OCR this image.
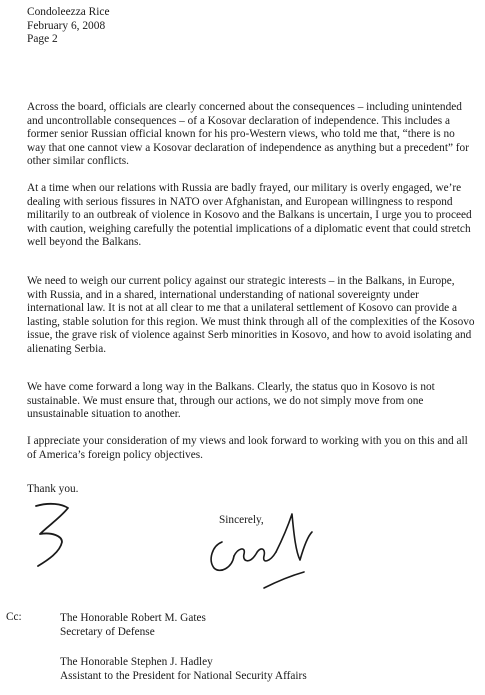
Condoleezza Rice
February 6, 2008
Page 2

Across the board, officials are clearly concerned about the consequences – including unintended and uncontrollable consequences – of a Kosovar declaration of independence. This includes a former senior Russian official known for his pro-Western views, who told me that, “there is no way that one cannot view a Kosovar declaration of independence as anything but a precedent” for other similar conflicts.

At a time when our relations with Russia are badly frayed, our military is overly engaged, we’re dealing with serious fissures in NATO over Afghanistan, and European willingness to respond militarily to an outbreak of violence in Kosovo and the Balkans is uncertain, I urge you to proceed with caution, weighing carefully the potential implications of a diplomatic event that could stretch well beyond the Balkans.

We need to weigh our current policy against our strategic interests – in the Balkans, in Europe, with Russia, and in a shared, international understanding of national sovereignty under international law. It is not at all clear to me that a unilateral settlement of Kosovo can provide a lasting, stable solution for this region. We must think through all of the complexities of the Kosovo issue, the grave risk of violence against Serb minorities in Kosovo, and how to avoid isolating and alienating Serbia.

We have come forward a long way in the Balkans. Clearly, the status quo in Kosovo is not sustainable. We must ensure that, through our actions, we do not simply move from one unsustainable situation to another.

I appreciate your consideration of my views and look forward to working with you on this and all of America’s foreign policy objectives.

Thank you.
Sincerely,
Cc:	The Honorable Robert M. Gates
Secretary of Defense
The Honorable Stephen J. Hadley
Assistant to the President for National Security Affairs
